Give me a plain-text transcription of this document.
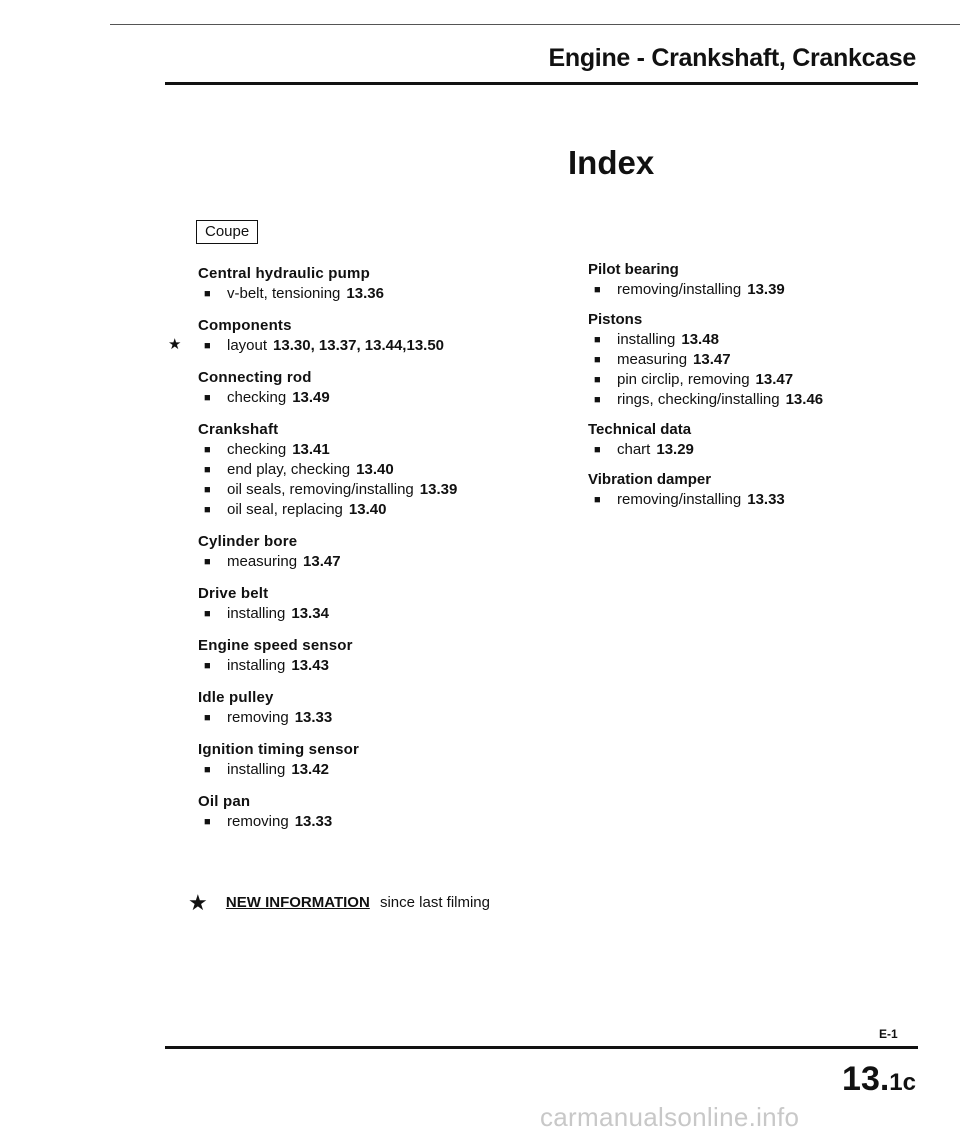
Engine - Crankshaft, Crankcase
Index
Coupe
Central hydraulic pump
■ v-belt, tensioning 13.36
Components
★ ■ layout 13.30, 13.37, 13.44,13.50
Connecting rod
■ checking 13.49
Crankshaft
■ checking 13.41
■ end play, checking 13.40
■ oil seals, removing/installing 13.39
■ oil seal, replacing 13.40
Cylinder bore
■ measuring 13.47
Drive belt
■ installing 13.34
Engine speed sensor
■ installing 13.43
Idle pulley
■ removing 13.33
Ignition timing sensor
■ installing 13.42
Oil pan
■ removing 13.33
Pilot bearing
■ removing/installing 13.39
Pistons
■ installing 13.48
■ measuring 13.47
■ pin circlip, removing 13.47
■ rings, checking/installing 13.46
Technical data
■ chart 13.29
Vibration damper
■ removing/installing 13.33
★ NEW INFORMATION since last filming
E-1
13.1c
carmanualsonline.info
